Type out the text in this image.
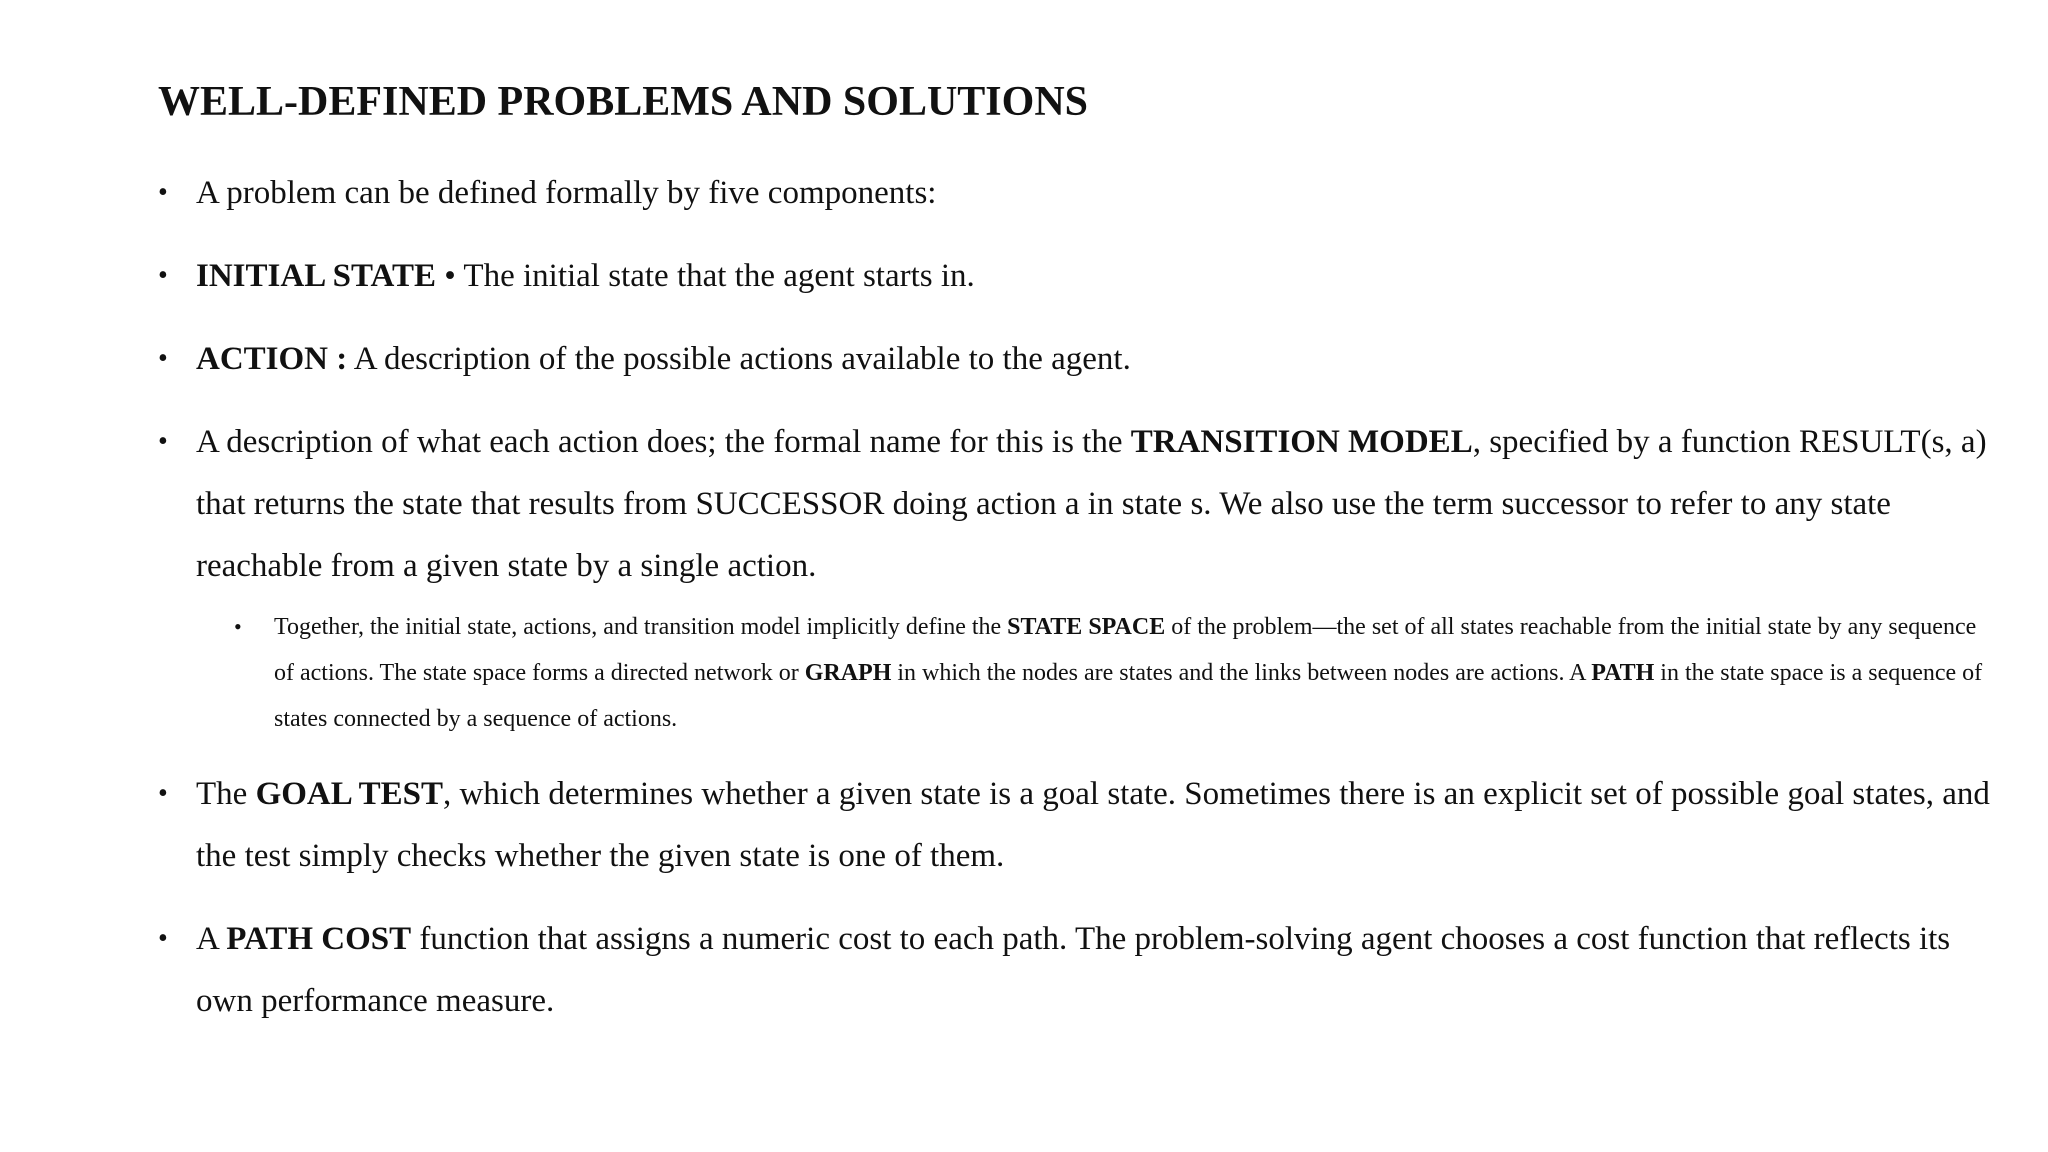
WELL-DEFINED PROBLEMS AND SOLUTIONS
• A problem can be defined formally by five components:
• INITIAL STATE • The initial state that the agent starts in.
• ACTION : A description of the possible actions available to the agent.
• A description of what each action does; the formal name for this is the TRANSITION MODEL, specified by a function RESULT(s, a) that returns the state that results from SUCCESSOR doing action a in state s. We also use the term successor to refer to any state reachable from a given state by a single action.
• Together, the initial state, actions, and transition model implicitly define the STATE SPACE of the problem—the set of all states reachable from the initial state by any sequence of actions. The state space forms a directed network or GRAPH in which the nodes are states and the links between nodes are actions. A PATH in the state space is a sequence of states connected by a sequence of actions.
• The GOAL TEST, which determines whether a given state is a goal state. Sometimes there is an explicit set of possible goal states, and the test simply checks whether the given state is one of them.
• A PATH COST function that assigns a numeric cost to each path. The problem-solving agent chooses a cost function that reflects its own performance measure.
